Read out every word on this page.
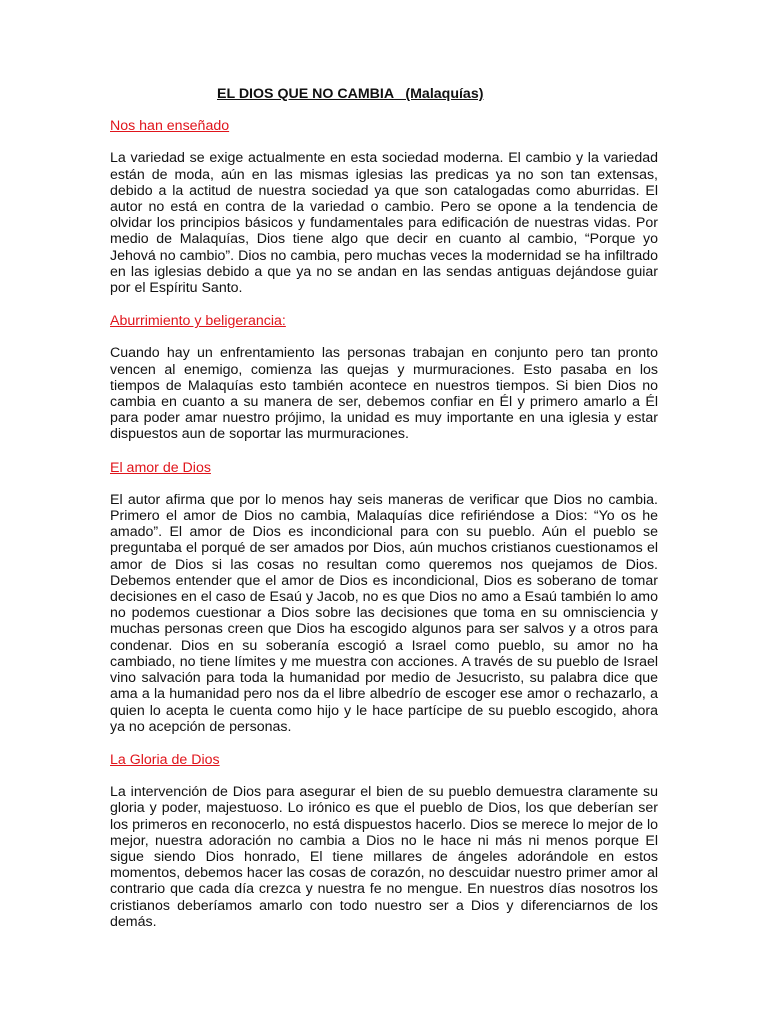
EL DIOS QUE NO CAMBIA   (Malaquías)
Nos han enseñado
La variedad se exige actualmente en esta sociedad moderna. El cambio y la variedad están de moda, aún en las mismas iglesias las predicas ya no son tan extensas, debido a la actitud de nuestra sociedad ya que son catalogadas como aburridas. El autor no está en contra de la variedad o cambio. Pero se opone a la tendencia de olvidar los principios básicos y fundamentales para edificación de nuestras vidas. Por medio de Malaquías, Dios tiene algo que decir en cuanto al cambio, “Porque yo Jehová no cambio”. Dios no cambia, pero muchas veces la modernidad se ha infiltrado en las iglesias debido a que ya no se andan en las sendas antiguas dejándose guiar por el Espíritu Santo.
Aburrimiento y beligerancia:
Cuando hay un enfrentamiento las personas trabajan en conjunto pero tan pronto vencen al enemigo, comienza las quejas y murmuraciones. Esto pasaba en los tiempos de Malaquías esto también acontece en nuestros tiempos. Si bien Dios no cambia en cuanto a su manera de ser, debemos confiar en Él y primero amarlo a Él para poder amar nuestro prójimo, la unidad es muy importante en una iglesia y estar dispuestos aun de soportar las murmuraciones.
El amor de Dios
El autor afirma que por lo menos hay seis maneras de verificar que Dios no cambia. Primero el amor de Dios no cambia, Malaquías dice refiriéndose a Dios: “Yo os he amado”. El amor de Dios es incondicional para con su pueblo. Aún el pueblo se preguntaba el porqué de ser amados por Dios, aún muchos cristianos cuestionamos el amor de Dios si las cosas no resultan como queremos nos quejamos de Dios. Debemos entender que el amor de Dios es incondicional, Dios es soberano de tomar decisiones en el caso de Esaú y Jacob, no es que Dios no amo a Esaú también lo amo no podemos cuestionar a Dios sobre las decisiones que toma en su omnisciencia y muchas personas creen que Dios ha escogido algunos para ser salvos y a otros para condenar. Dios en su soberanía escogió a Israel como pueblo, su amor no ha cambiado, no tiene límites y me muestra con acciones. A través de su pueblo de Israel vino salvación para toda la humanidad por medio de Jesucristo, su palabra dice que ama a la humanidad pero nos da el libre albedrío de escoger ese amor o rechazarlo, a quien lo acepta le cuenta como hijo y le hace partícipe de su pueblo escogido, ahora ya no acepción de personas.
La Gloria de Dios
La intervención de Dios para asegurar el bien de su pueblo demuestra claramente su gloria y poder, majestuoso. Lo irónico es que el pueblo de Dios, los que deberían ser los primeros en reconocerlo, no está dispuestos hacerlo. Dios se merece lo mejor de lo mejor, nuestra adoración no cambia a Dios no le hace ni más ni menos porque El sigue siendo Dios honrado, El tiene millares de ángeles adorándole en estos momentos, debemos hacer las cosas de corazón, no descuidar nuestro primer amor al contrario que cada día crezca y nuestra fe no mengue. En nuestros días nosotros los cristianos deberíamos amarlo con todo nuestro ser a Dios y diferenciarnos de los demás.
